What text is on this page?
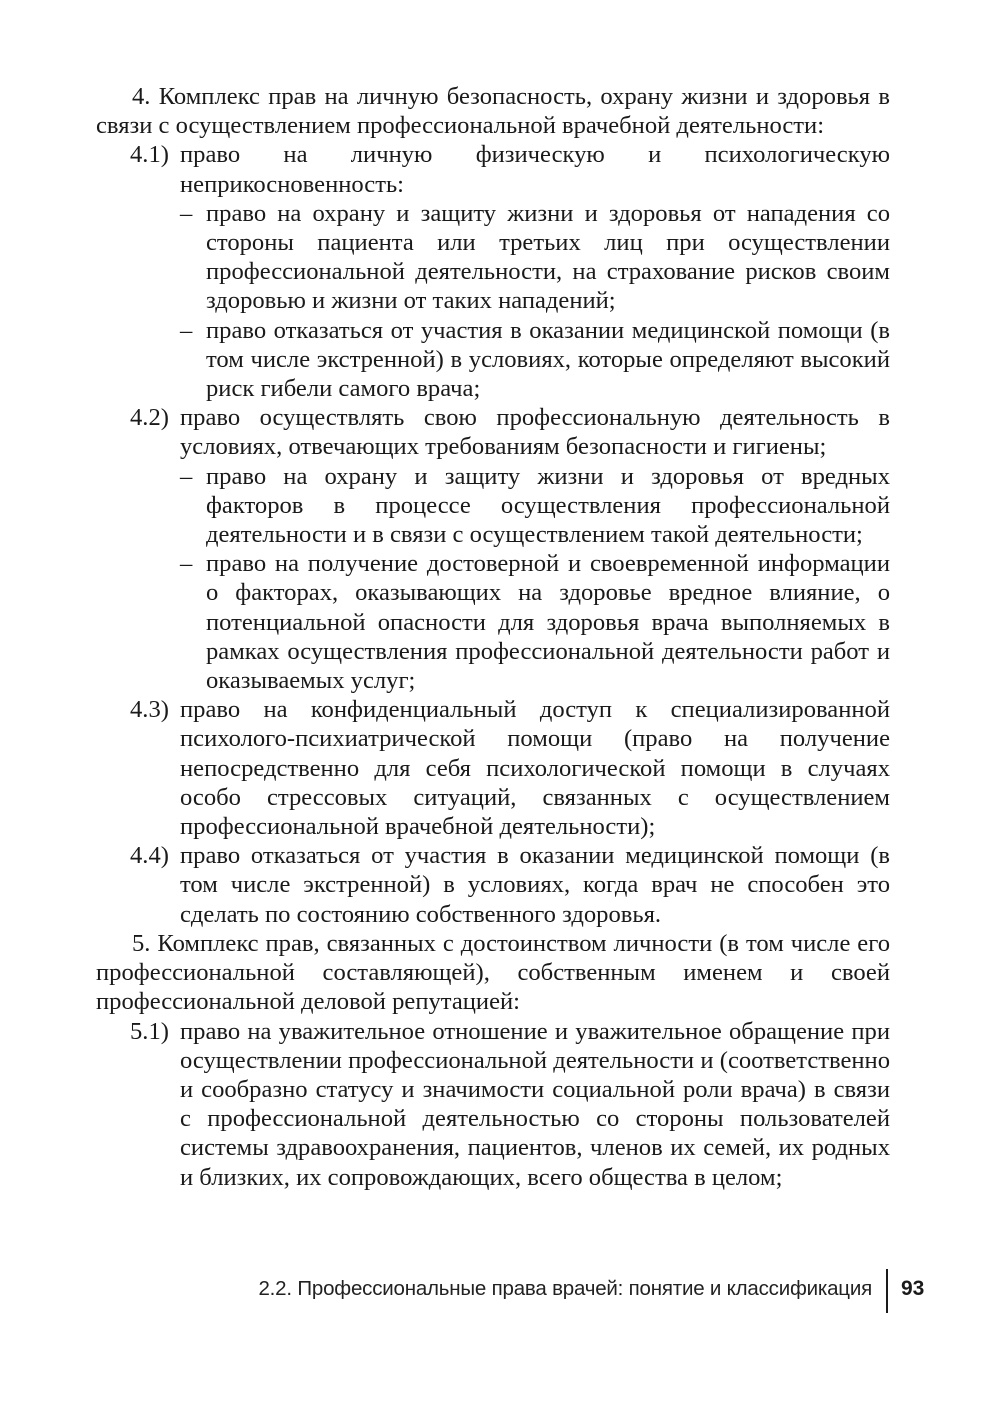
4. Комплекс прав на личную безопасность, охрану жизни и здоровья в связи с осуществлением профессиональной врачебной деятельности:

4.1) право на личную физическую и психологическую неприкосновенность:

– право на охрану и защиту жизни и здоровья от нападения со стороны пациента или третьих лиц при осуществлении профессиональной деятельности, на страхование рисков своим здоровью и жизни от таких нападений;

– право отказаться от участия в оказании медицинской помощи (в том числе экстренной) в условиях, которые определяют высокий риск гибели самого врача;

4.2) право осуществлять свою профессиональную деятельность в условиях, отвечающих требованиям безопасности и гигиены;

– право на охрану и защиту жизни и здоровья от вредных факторов в процессе осуществления профессиональной деятельности и в связи с осуществлением такой деятельности;

– право на получение достоверной и своевременной информации о факторах, оказывающих на здоровье вредное влияние, о потенциальной опасности для здоровья врача выполняемых в рамках осуществления профессиональной деятельности работ и оказываемых услуг;

4.3) право на конфиденциальный доступ к специализированной психолого-психиатрической помощи (право на получение непосредственно для себя психологической помощи в случаях особо стрессовых ситуаций, связанных с осуществлением профессиональной врачебной деятельности);

4.4) право отказаться от участия в оказании медицинской помощи (в том числе экстренной) в условиях, когда врач не способен это сделать по состоянию собственного здоровья.

5. Комплекс прав, связанных с достоинством личности (в том числе его профессиональной составляющей), собственным именем и своей профессиональной деловой репутацией:

5.1) право на уважительное отношение и уважительное обращение при осуществлении профессиональной деятельности и (соответственно и сообразно статусу и значимости социальной роли врача) в связи с профессиональной деятельностью со стороны пользователей системы здравоохранения, пациентов, членов их семей, их родных и близких, их сопровождающих, всего общества в целом;

2.2. Профессиональные права врачей: понятие и классификация 93
